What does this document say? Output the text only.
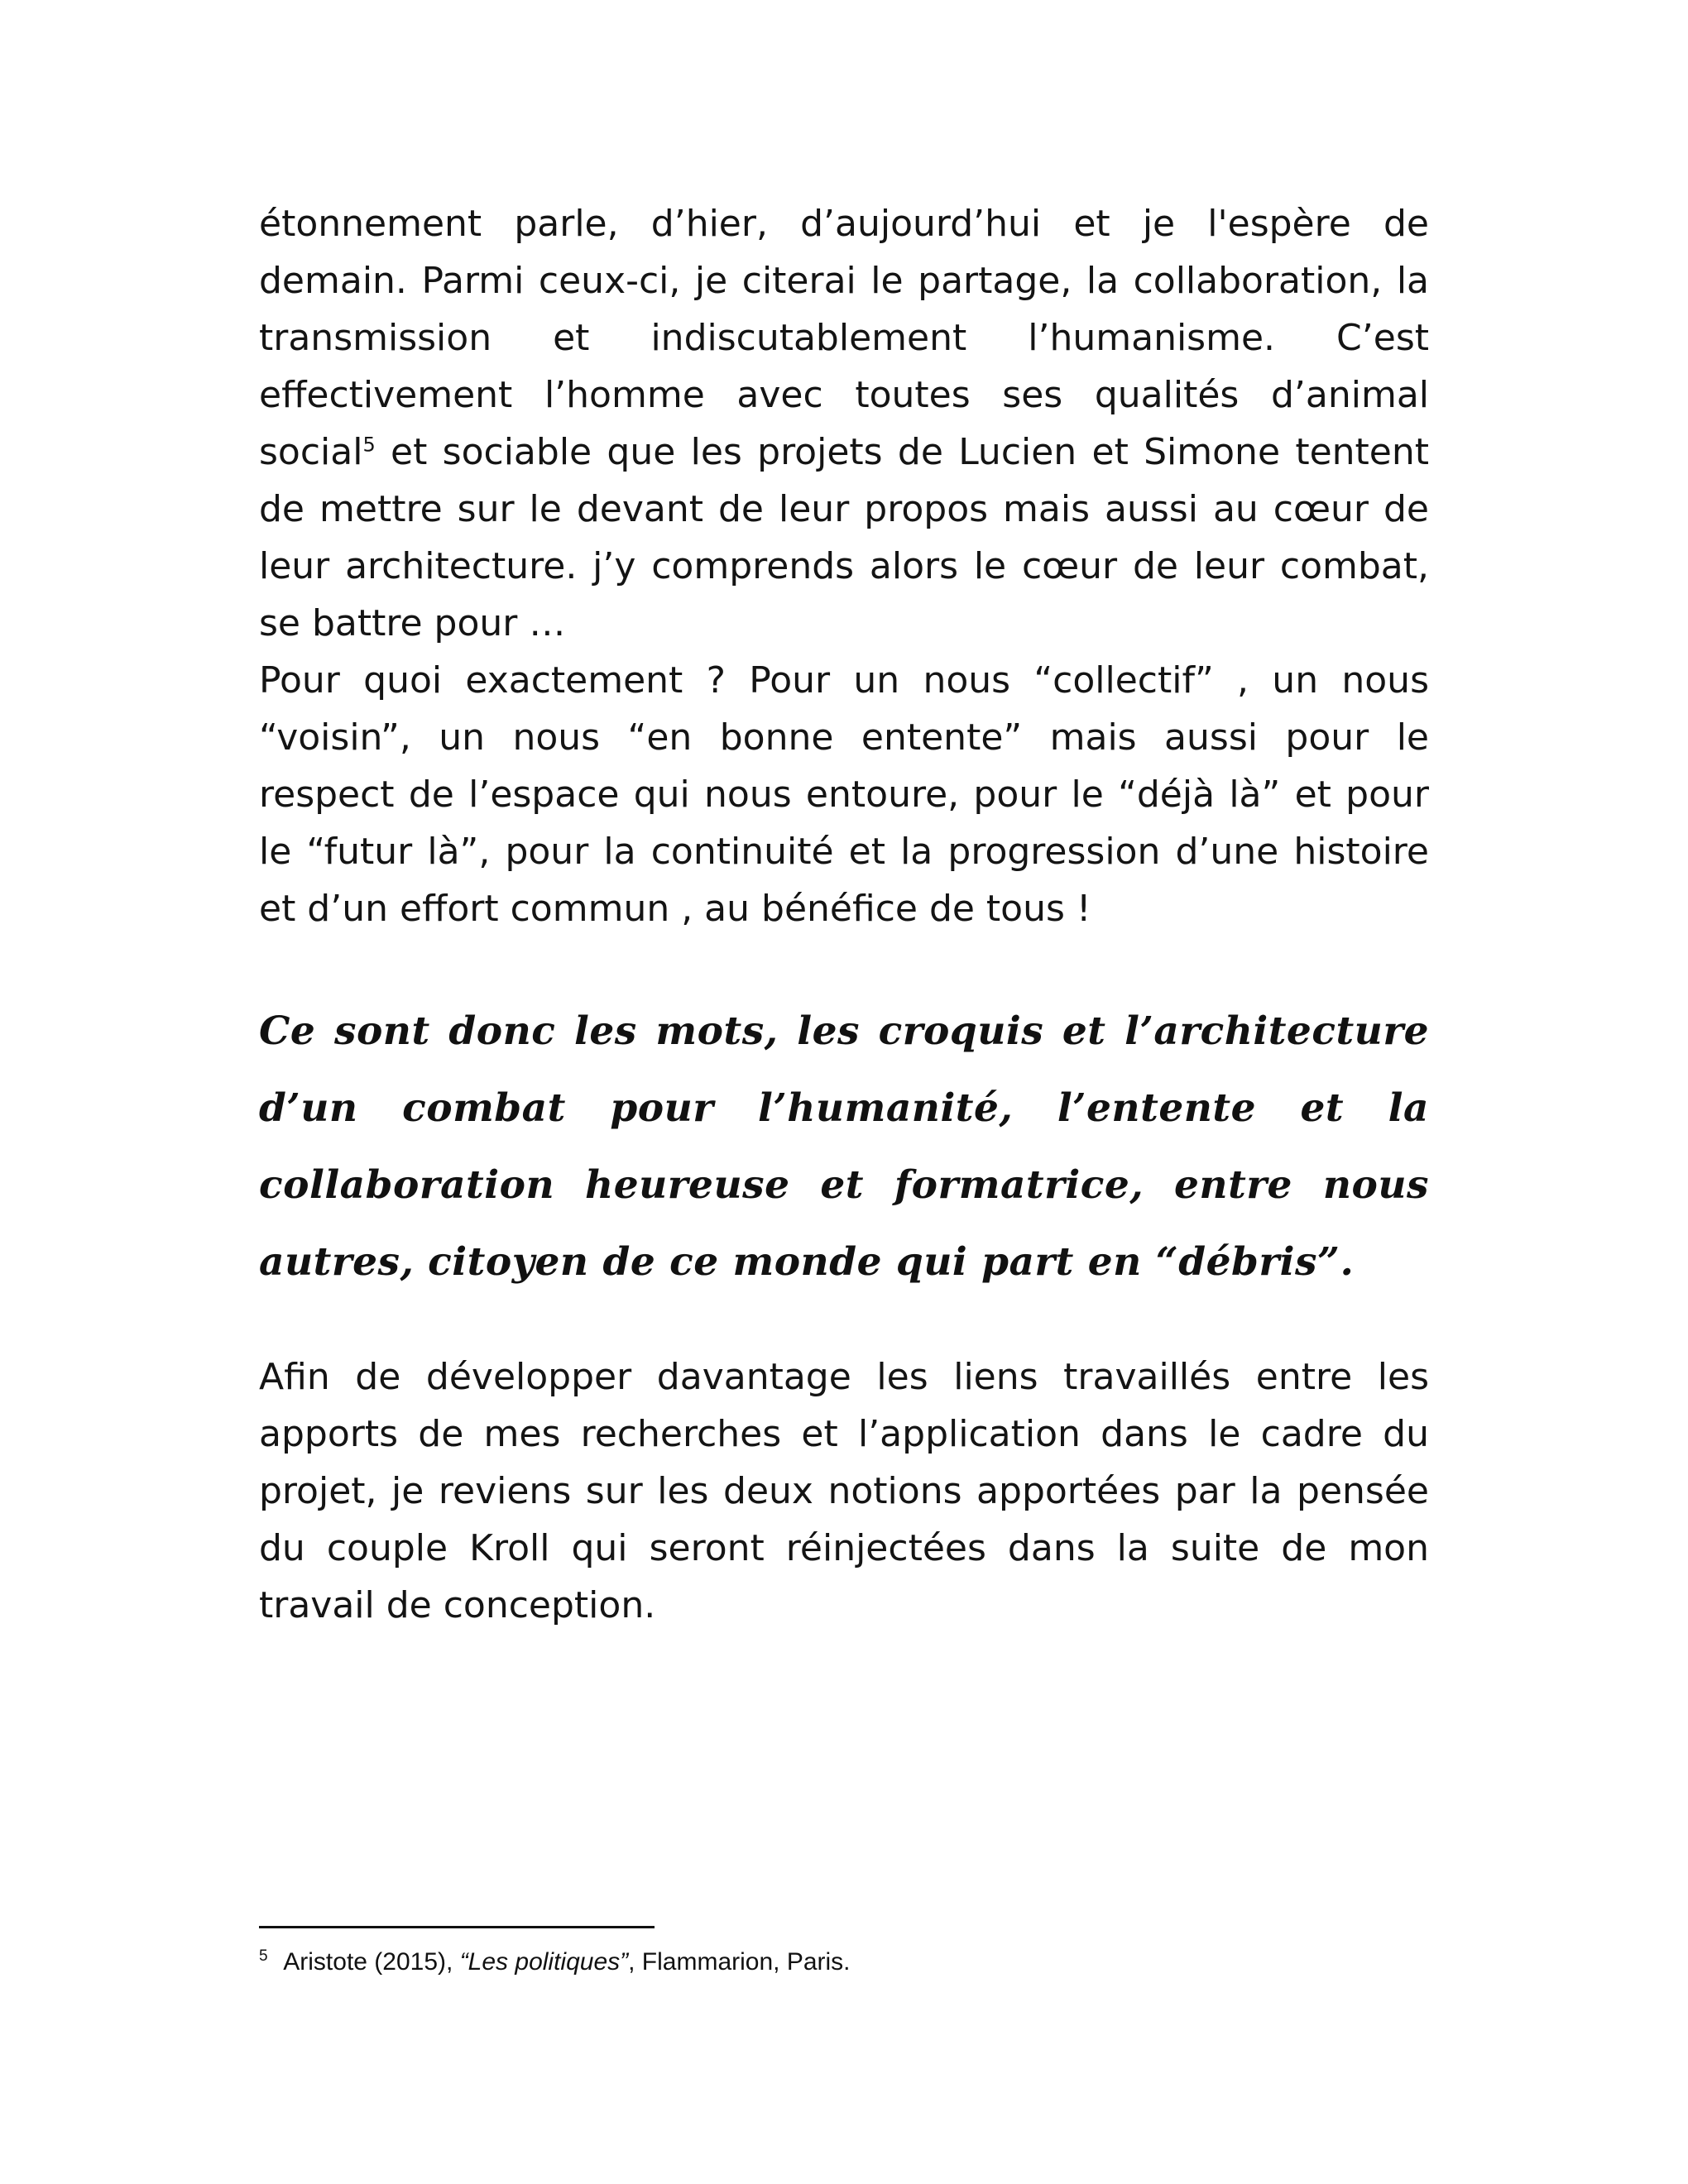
étonnement parle, d’hier, d’aujourd’hui et je l'espère de demain. Parmi ceux-ci, je citerai le partage, la collaboration, la transmission et indiscutablement l’humanisme. C’est effectivement l’homme avec toutes ses qualités d’animal social$^5$ et sociable que les projets de Lucien et Simone tentent de mettre sur le devant de leur propos mais aussi au cœur de leur architecture. j’y comprends alors le cœur de leur combat, se battre pour …

Pour quoi exactement ? Pour un nous “collectif” , un nous “voisin”, un nous “en bonne entente” mais aussi pour le respect de l’espace qui nous entoure, pour le “déjà là” et pour le “futur là”, pour la continuité et la progression d’une histoire et d’un effort commun , au bénéfice de tous !

Ce sont donc les mots, les croquis et l’architecture d’un combat pour l’humanité, l’entente et la collaboration heureuse et formatrice, entre nous autres, citoyen de ce monde qui part en “débris”.

Afin de développer davantage les liens travaillés entre les apports de mes recherches et l’application dans le cadre du projet, je reviens sur les deux notions apportées par la pensée du couple Kroll qui seront réinjectées dans la suite de mon travail de conception.

$^5$ Aristote (2015), “Les politiques”, Flammarion, Paris.
